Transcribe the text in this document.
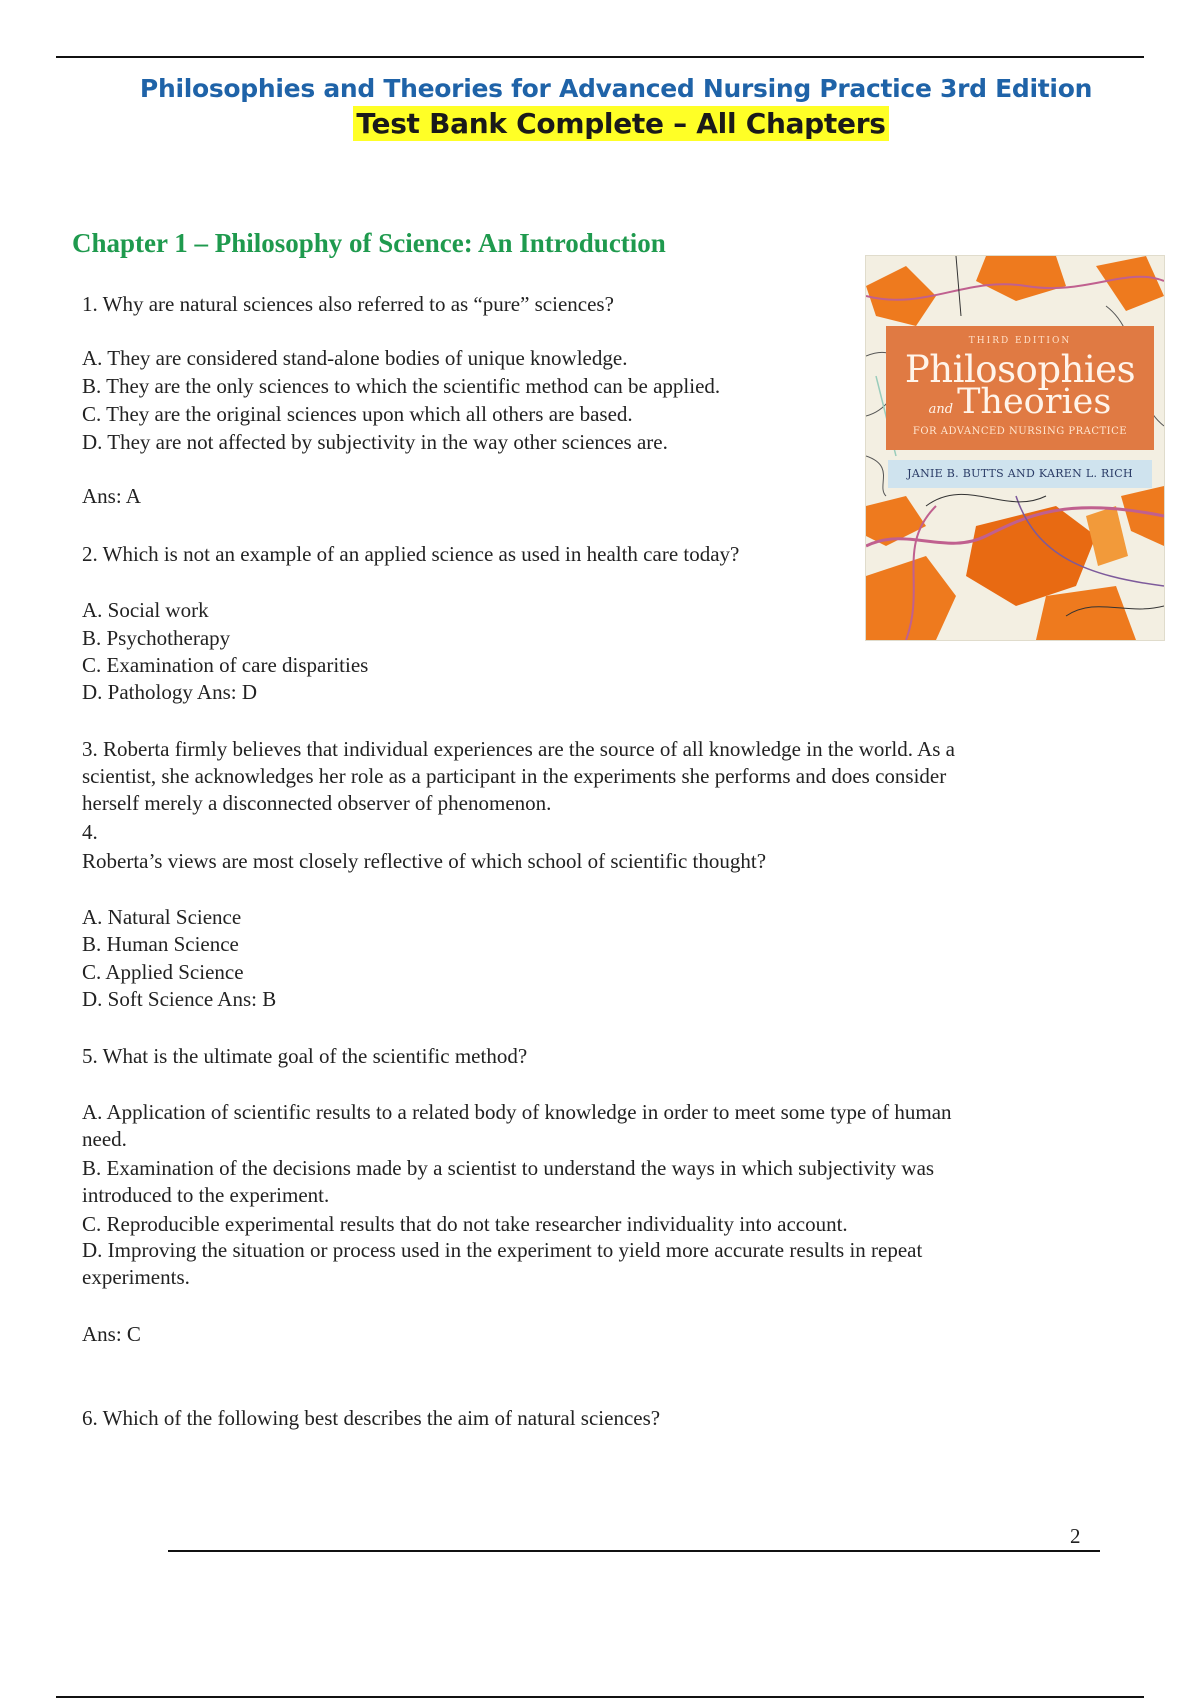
Philosophies and Theories for Advanced Nursing Practice 3rd Edition
Test Bank Complete – All Chapters
Chapter 1 – Philosophy of Science: An Introduction
1. Why are natural sciences also referred to as “pure” sciences?
A. They are considered stand-alone bodies of unique knowledge.
B. They are the only sciences to which the scientific method can be applied.
C. They are the original sciences upon which all others are based.
D. They are not affected by subjectivity in the way other sciences are.
Ans: A
2. Which is not an example of an applied science as used in health care today?
A. Social work
B. Psychotherapy
C. Examination of care disparities
D. Pathology Ans: D
3. Roberta firmly believes that individual experiences are the source of all knowledge in the world. As a
scientist, she acknowledges her role as a participant in the experiments she performs and does consider
herself merely a disconnected observer of phenomenon.
4.
Roberta’s views are most closely reflective of which school of scientific thought?
A. Natural Science
B. Human Science
C. Applied Science
D. Soft Science Ans: B
5. What is the ultimate goal of the scientific method?
A. Application of scientific results to a related body of knowledge in order to meet some type of human
need.
B. Examination of the decisions made by a scientist to understand the ways in which subjectivity was
introduced to the experiment.
C. Reproducible experimental results that do not take researcher individuality into account.
D. Improving the situation or process used in the experiment to yield more accurate results in repeat
experiments.
Ans: C
6. Which of the following best describes the aim of natural sciences?
THIRD EDITION
Philosophies
and Theories
FOR ADVANCED NURSING PRACTICE
JANIE B. BUTTS AND KAREN L. RICH
2
